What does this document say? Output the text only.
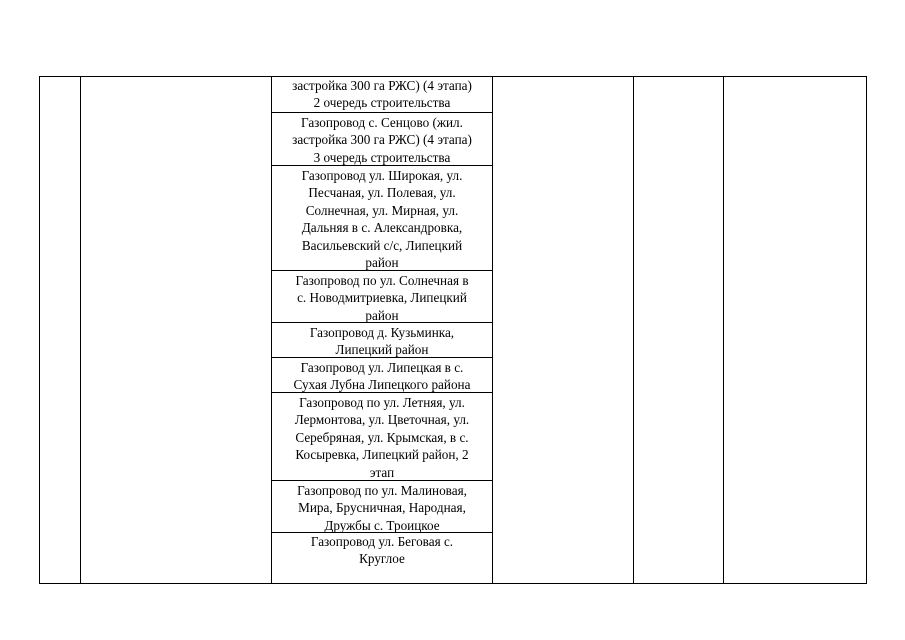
застройка 300 га РЖС) (4 этапа)
2 очередь строительства
Газопровод с. Сенцово (жил.
застройка 300 га РЖС) (4 этапа)
3 очередь строительства
Газопровод ул. Широкая, ул.
Песчаная, ул. Полевая, ул.
Солнечная, ул. Мирная, ул.
Дальняя в с. Александровка,
Васильевский с/с, Липецкий
район
Газопровод по ул. Солнечная в
с. Новодмитриевка, Липецкий
район
Газопровод д. Кузьминка,
Липецкий район
Газопровод ул. Липецкая в с.
Сухая Лубна Липецкого района
Газопровод по ул. Летняя, ул.
Лермонтова, ул. Цветочная, ул.
Серебряная, ул. Крымская, в с.
Косыревка, Липецкий район, 2
этап
Газопровод по ул. Малиновая,
Мира, Брусничная, Народная,
Дружбы с. Троицкое
Газопровод ул. Беговая с.
Круглое
